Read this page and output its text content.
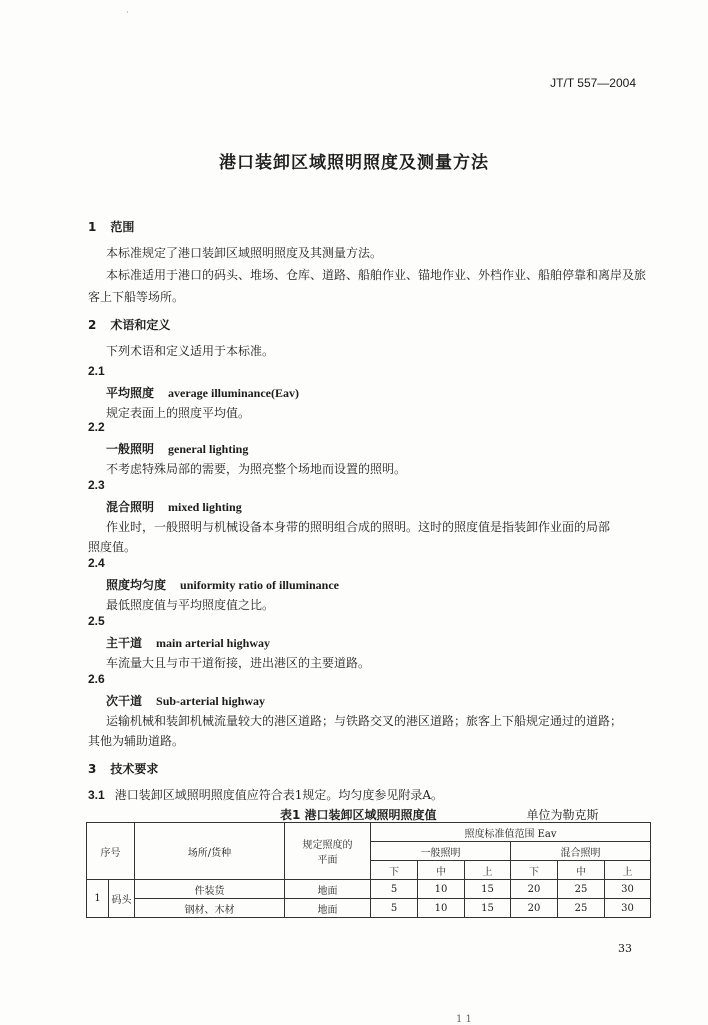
·
JT/T 557—2004
港口装卸区域照明照度及测量方法
1 范围
本标准规定了港口装卸区域照明照度及其测量方法。
本标准适用于港口的码头、堆场、仓库、道路、船舶作业、锚地作业、外档作业、船舶停靠和离岸及旅
客上下船等场所。
2 术语和定义
下列术语和定义适用于本标准。
2.1
平均照度 average illuminance(Eav)
规定表面上的照度平均值。
2.2
一般照明 general lighting
不考虑特殊局部的需要，为照亮整个场地而设置的照明。
2.3
混合照明 mixed lighting
作业时，一般照明与机械设备本身带的照明组合成的照明。这时的照度值是指装卸作业面的局部
照度值。
2.4
照度均匀度 uniformity ratio of illuminance
最低照度值与平均照度值之比。
2.5
主干道 main arterial highway
车流量大且与市干道衔接，进出港区的主要道路。
2.6
次干道 Sub-arterial highway
运输机械和装卸机械流量较大的港区道路；与铁路交叉的港区道路；旅客上下船规定通过的道路；
其他为辅助道路。
3 技术要求
3.1 港口装卸区域照明照度值应符合表1规定。均匀度参见附录A。
表1 港口装卸区域照明照度值	单位为勒克斯
序号		场所/货种	规定照度的平面	照度标准值范围 Eav					
				一般照明			混合照明		
				下	中	上	下	中	上
1	码头	件装货	地面	5	10	15	20	25	30
		钢材、木材	地面	5	10	15	20	25	30
33
1 1
